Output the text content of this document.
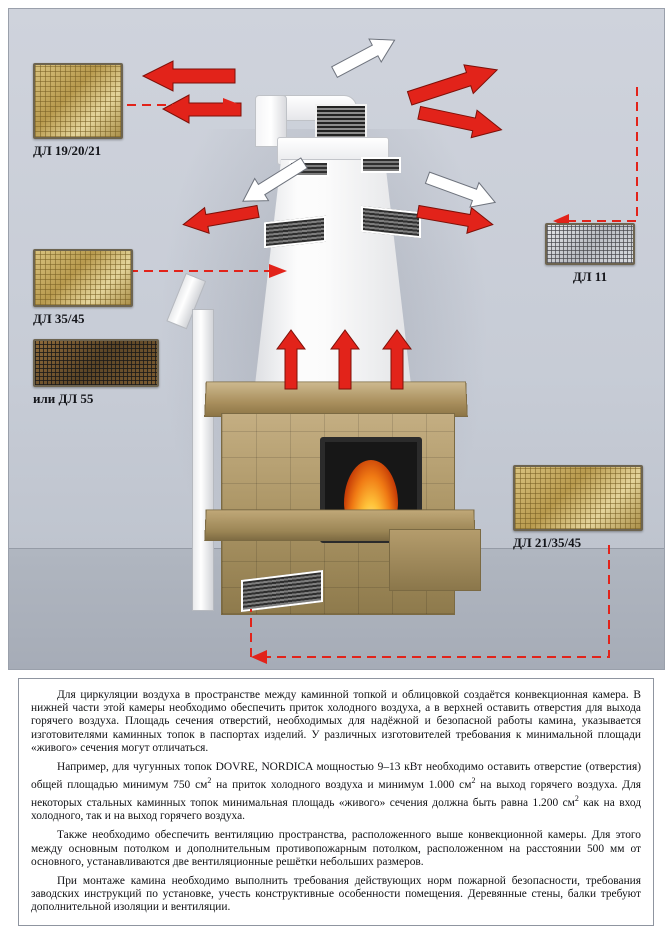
ДЛ 19/20/21
ДЛ 35/45
или ДЛ 55
ДЛ 11
ДЛ 21/35/45

Для циркуляции воздуха в пространстве между каминной топкой и облицовкой создаётся конвекционная камера. В нижней части этой камеры необходимо обеспечить приток холодного воздуха, а в верхней оставить отверстия для выхода горячего воздуха. Площадь сечения отверстий, необходимых для надёжной и безопасной работы камина, указывается изготовителями каминных топок в паспортах изделий. У различных изготовителей требования к минимальной площади «живого» сечения могут отличаться.

Например, для чугунных топок DOVRE, NORDICA мощностью 9–13 кВт необходимо оставить отверстие (отверстия) общей площадью минимум 750 $см^2$ на приток холодного воздуха и минимум 1.000 $см^2$ на выход горячего воздуха. Для некоторых стальных каминных топок минимальная площадь «живого» сечения должна быть равна 1.200 $см^2$ как на вход холодного, так и на выход горячего воздуха.

Также необходимо обеспечить вентиляцию пространства, расположенного выше конвекционной камеры. Для этого между основным потолком и дополнительным противопожарным потолком, расположенном на расстоянии 500 мм от основного, устанавливаются две вентиляционные решётки небольших размеров.

При монтаже камина необходимо выполнить требования действующих норм пожарной безопасности, требования заводских инструкций по установке, учесть конструктивные особенности помещения. Деревянные стены, балки требуют дополнительной изоляции и вентиляции.
